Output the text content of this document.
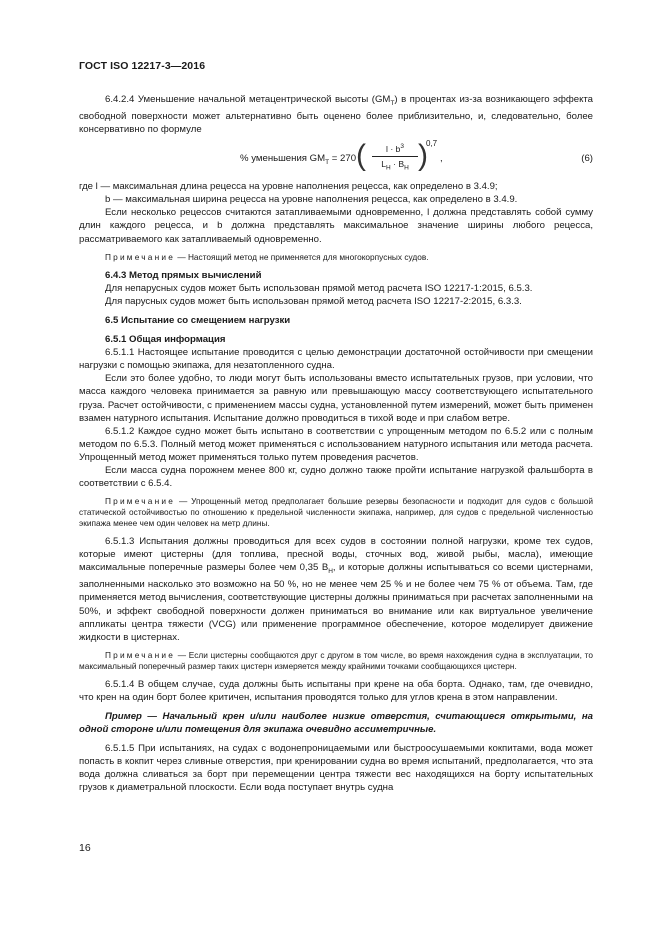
ГОСТ ISO 12217-3—2016

6.4.2.4 Уменьшение начальной метацентрической высоты $(GM_T)$ в процентах из-за возникающего эффекта свободной поверхности может альтернативно быть оценено более приблизительно, и, следовательно, более консервативно по формуле

% уменьшения $GM_T = 270$ ( $\frac{l \cdot b^3}{L_H \cdot B_H}$ )
0,7
,	(6)

где l — максимальная длина рецесса на уровне наполнения рецесса, как определено в 3.4.9;

b — максимальная ширина рецесса на уровне наполнения рецесса, как определено в 3.4.9.

Если несколько рецессов считаются затапливаемыми одновременно, l должна представлять собой сумму длин каждого рецесса, и b должна представлять максимальное значение ширины любого рецесса, рассматриваемого как затапливаемый одновременно.

Примечание — Настоящий метод не применяется для многокорпусных судов.

6.4.3 Метод прямых вычислений

Для непарусных судов может быть использован прямой метод расчета ISO 12217-1:2015, 6.5.3.

Для парусных судов может быть использован прямой метод расчета ISO 12217-2:2015, 6.3.3.

6.5 Испытание со смещением нагрузки

6.5.1 Общая информация

6.5.1.1 Настоящее испытание проводится с целью демонстрации достаточной остойчивости при смещении нагрузки с помощью экипажа, для незатопленного судна.

Если это более удобно, то люди могут быть использованы вместо испытательных грузов, при условии, что масса каждого человека принимается за равную или превышающую массу соответствующего испытательного груза. Расчет остойчивости, с применением массы судна, установленной путем измерений, может быть применен взамен натурного испытания. Испытание должно проводиться в тихой воде и при слабом ветре.

6.5.1.2 Каждое судно может быть испытано в соответствии с упрощенным методом по 6.5.2 или с полным методом по 6.5.3. Полный метод может применяться с использованием натурного испытания или метода расчета. Упрощенный метод может применяться только путем проведения расчетов.

Если масса судна порожнем менее 800 кг, судно должно также пройти испытание нагрузкой фальшборта в соответствии с 6.5.4.

Примечание — Упрощенный метод предполагает большие резервы безопасности и подходит для судов с большой статической остойчивостью по отношению к предельной численности экипажа, например, для судов с предельной численностью экипажа менее чем один человек на метр длины.

6.5.1.3 Испытания должны проводиться для всех судов в состоянии полной нагрузки, кроме тех судов, которые имеют цистерны (для топлива, пресной воды, сточных вод, живой рыбы, масла), имеющие максимальные поперечные размеры более чем 0,35 $B_H$, и которые должны испытываться со всеми цистернами, заполненными насколько это возможно на 50 %, но не менее чем 25 % и не более чем 75 % от объема. Там, где применяется метод вычисления, соответствующие цистерны должны приниматься при расчетах заполненными на 50%, и эффект свободной поверхности должен приниматься во внимание или как виртуальное увеличение аппликаты центра тяжести (VCG) или применение программное обеспечение, которое моделирует движение жидкости в цистернах.

Примечание — Если цистерны сообщаются друг с другом в том числе, во время нахождения судна в эксплуатации, то максимальный поперечный размер таких цистерн измеряется между крайними точками сообщающихся цистерн.

6.5.1.4 В общем случае, суда должны быть испытаны при крене на оба борта. Однако, там, где очевидно, что крен на один борт более критичен, испытания проводятся только для углов крена в этом направлении.

Пример — Начальный крен и/или наиболее низкие отверстия, считающиеся открытыми, на одной стороне и/или помещения для экипажа очевидно ассиметричные.

6.5.1.5 При испытаниях, на судах с водонепроницаемыми или быстроосушаемыми кокпитами, вода может попасть в кокпит через сливные отверстия, при кренировании судна во время испытаний, предполагается, что эта вода должна сливаться за борт при перемещении центра тяжести вес находящихся на борту испытательных грузов к диаметральной плоскости. Если вода поступает внутрь судна

16
